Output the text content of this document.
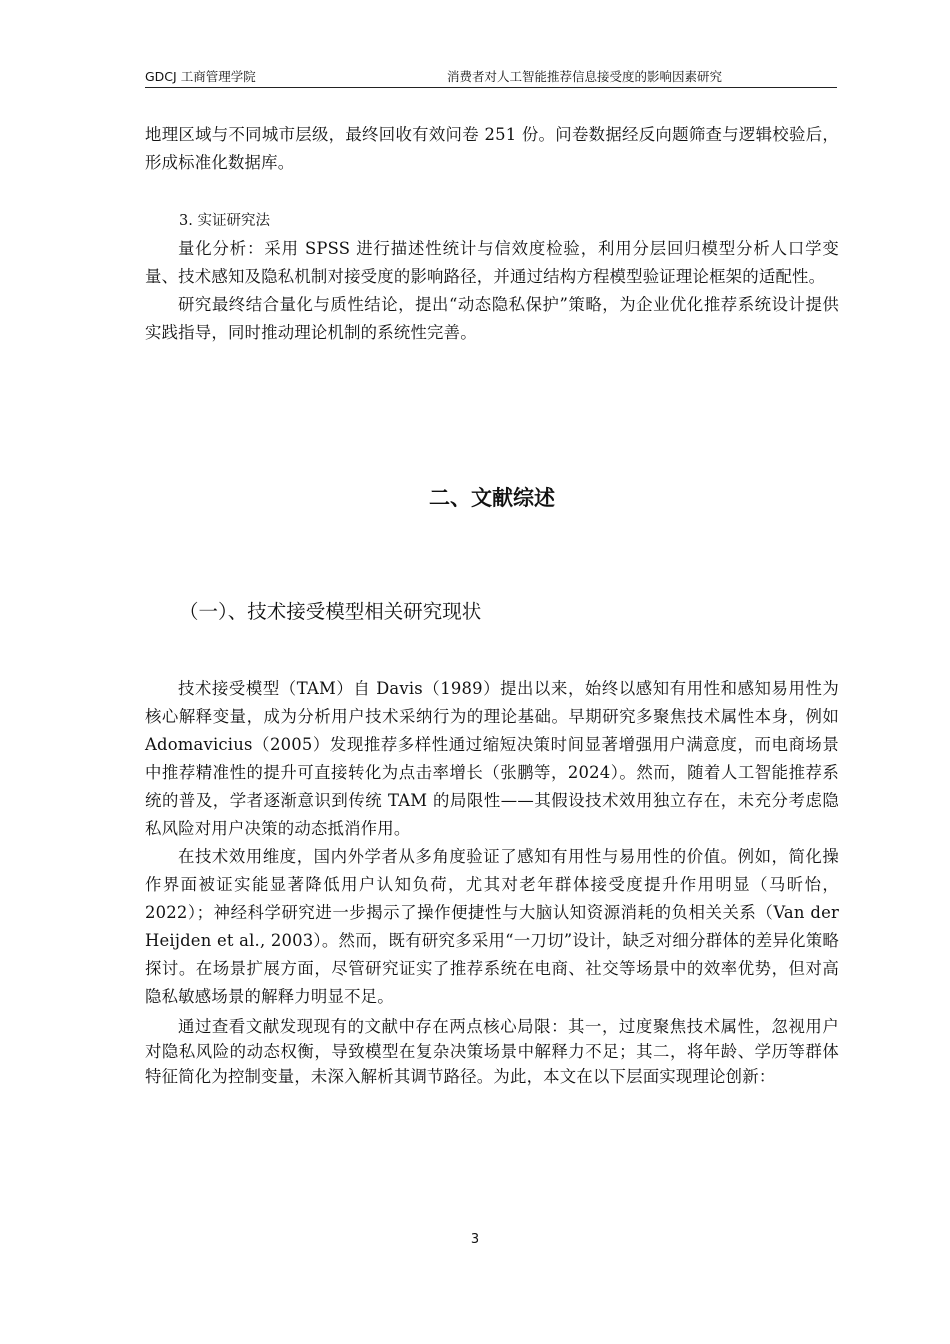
GDCJ 工商管理学院	消费者对人工智能推荐信息接受度的影响因素研究

地理区域与不同城市层级，最终回收有效问卷 251 份。问卷数据经反向题筛查与逻辑校验后，形成标准化数据库。

3. 实证研究法

量化分析：采用 SPSS 进行描述性统计与信效度检验，利用分层回归模型分析人口学变量、技术感知及隐私机制对接受度的影响路径，并通过结构方程模型验证理论框架的适配性。

研究最终结合量化与质性结论，提出“动态隐私保护”策略，为企业优化推荐系统设计提供实践指导，同时推动理论机制的系统性完善。

二、文献综述
（一）、技术接受模型相关研究现状

技术接受模型（TAM）自 Davis（1989）提出以来，始终以感知有用性和感知易用性为核心解释变量，成为分析用户技术采纳行为的理论基础。早期研究多聚焦技术属性本身，例如 Adomavicius（2005）发现推荐多样性通过缩短决策时间显著增强用户满意度，而电商场景中推荐精准性的提升可直接转化为点击率增长（张鹏等，2024）。然而，随着人工智能推荐系统的普及，学者逐渐意识到传统 TAM 的局限性——其假设技术效用独立存在，未充分考虑隐私风险对用户决策的动态抵消作用。

在技术效用维度，国内外学者从多角度验证了感知有用性与易用性的价值。例如，简化操作界面被证实能显著降低用户认知负荷，尤其对老年群体接受度提升作用明显（马昕怡，2022）；神经科学研究进一步揭示了操作便捷性与大脑认知资源消耗的负相关关系（Van der Heijden et al., 2003）。然而，既有研究多采用“一刀切”设计，缺乏对细分群体的差异化策略探讨。在场景扩展方面，尽管研究证实了推荐系统在电商、社交等场景中的效率优势，但对高隐私敏感场景的解释力明显不足。

通过查看文献发现现有的文献中存在两点核心局限：其一，过度聚焦技术属性，忽视用户对隐私风险的动态权衡，导致模型在复杂决策场景中解释力不足；其二，将年龄、学历等群体特征简化为控制变量，未深入解析其调节路径。为此，本文在以下层面实现理论创新：

3
